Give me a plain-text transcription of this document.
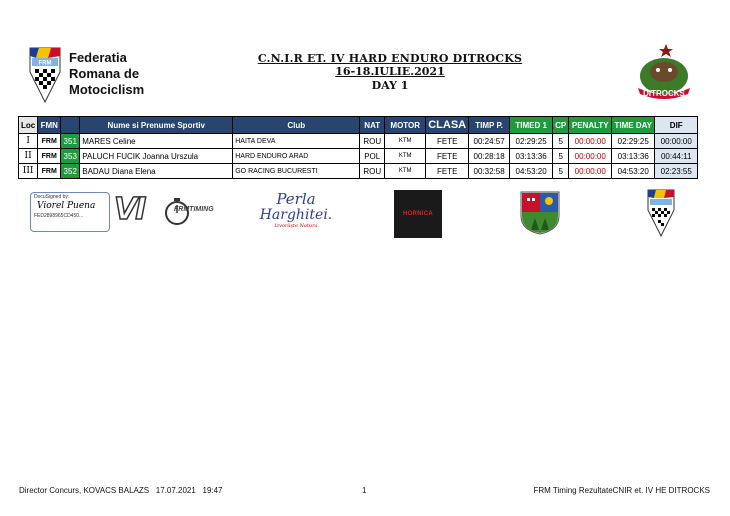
FRM Federatia
Romana de
Motociclism
C.N.I.R ET. IV HARD ENDURO DITROCKS
16-18.IULIE.2021
DAY 1
DITROCKS
Loc	FMN	Nr	Nume si Prenume Sportiv	Club	NAT	MOTOR	CLASA	TIMP P.	TIMED 1	CP	PENALTY	TIME DAY	DIF
I	FRM	351	MARES Celine	HAITA DEVA	ROU	KTM	FETE	00:24:57	02:29:25	5	00:00:00	02:29:25	00:00:00
II	FRM	353	PALUCH FUCIK Joanna Urszula	HARD ENDURO ARAD	POL	KTM	FETE	00:28:18	03:13:36	5	00:00:00	03:13:36	00:44:11
III	FRM	352	BADAU Diana Elena	GO RACING BUCURESTI	ROU	KTM	FETE	00:32:58	04:53:20	5	00:00:00	04:53:20	02:23:55
DocuSigned by:
Viorel Puena
FED2898965CD450...	VI	FRMTIMING
Perla
Harghitei.
Izvorăște Natura
HORNICA
Director Concurs, KOVACS BALAZS   17.07.2021   19:47	1	FRM Timing RezultateCNIR et. IV HE DITROCKS
